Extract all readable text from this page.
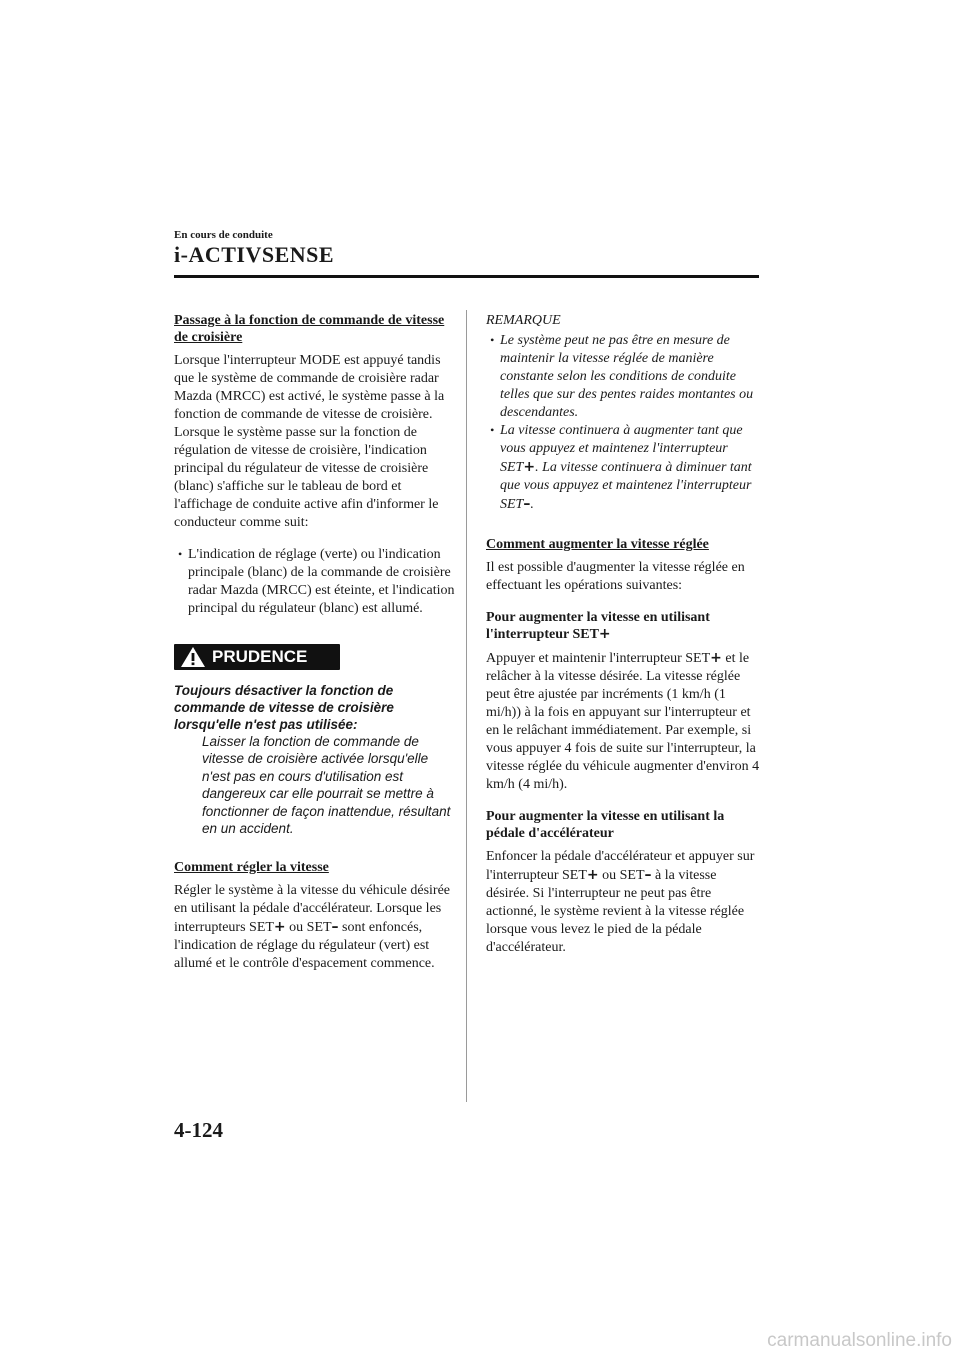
En cours de conduite
i-ACTIVSENSE
Passage à la fonction de commande de vitesse de croisière

Lorsque l'interrupteur MODE est appuyé tandis que le système de commande de croisière radar Mazda (MRCC) est activé, le système passe à la fonction de commande de vitesse de croisière. Lorsque le système passe sur la fonction de régulation de vitesse de croisière, l'indication principal du régulateur de vitesse de croisière (blanc) s'affiche sur le tableau de bord et l'affichage de conduite active afin d'informer le conducteur comme suit:

• L'indication de réglage (verte) ou l'indication principale (blanc) de la commande de croisière radar Mazda (MRCC) est éteinte, et l'indication principal du régulateur (blanc) est allumé.
PRUDENCE

Toujours désactiver la fonction de commande de vitesse de croisière lorsqu'elle n'est pas utilisée:

Laisser la fonction de commande de vitesse de croisière activée lorsqu'elle n'est pas en cours d'utilisation est dangereux car elle pourrait se mettre à fonctionner de façon inattendue, résultant en un accident.

Comment régler la vitesse

Régler le système à la vitesse du véhicule désirée en utilisant la pédale d'accélérateur. Lorsque les interrupteurs SET+ ou SET– sont enfoncés, l'indication de réglage du régulateur (vert) est allumé et le contrôle d'espacement commence.

REMARQUE
• Le système peut ne pas être en mesure de maintenir la vitesse réglée de manière constante selon les conditions de conduite telles que sur des pentes raides montantes ou descendantes.
• La vitesse continuera à augmenter tant que vous appuyez et maintenez l'interrupteur SET+. La vitesse continuera à diminuer tant que vous appuyez et maintenez l'interrupteur SET–.
Comment augmenter la vitesse réglée

Il est possible d'augmenter la vitesse réglée en effectuant les opérations suivantes:

Pour augmenter la vitesse en utilisant l'interrupteur SET+

Appuyer et maintenir l'interrupteur SET+ et le relâcher à la vitesse désirée. La vitesse réglée peut être ajustée par incréments (1 km/h (1 mi/h)) à la fois en appuyant sur l'interrupteur et en le relâchant immédiatement. Par exemple, si vous appuyer 4 fois de suite sur l'interrupteur, la vitesse réglée du véhicule augmenter d'environ 4 km/h (4 mi/h).

Pour augmenter la vitesse en utilisant la pédale d'accélérateur

Enfoncer la pédale d'accélérateur et appuyer sur l'interrupteur SET+ ou SET– à la vitesse désirée. Si l'interrupteur ne peut pas être actionné, le système revient à la vitesse réglée lorsque vous levez le pied de la pédale d'accélérateur.

4-124
carmanualsonline.info
